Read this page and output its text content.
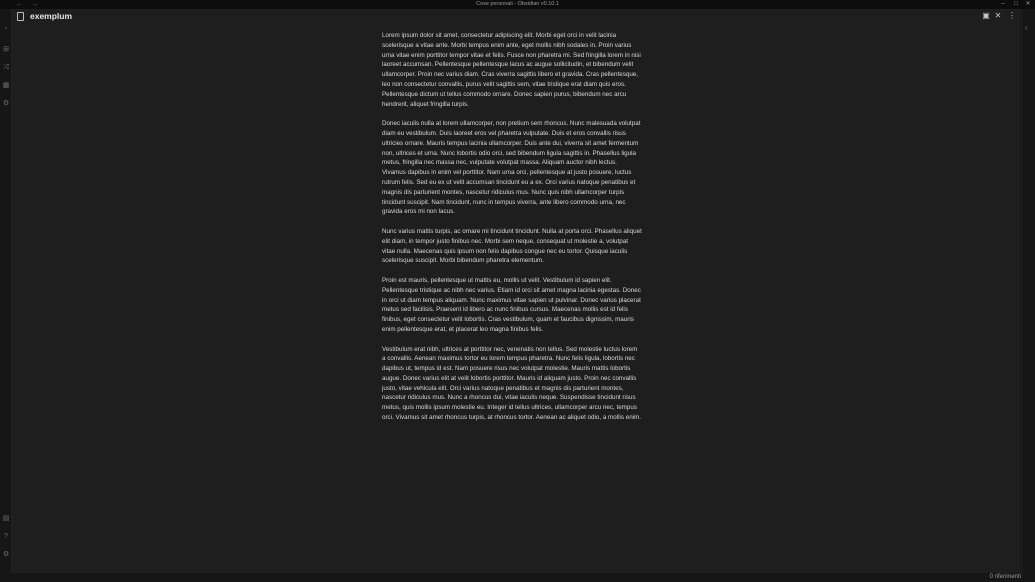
← →	Cose personali - Obsidian v0.10.1	–	□	✕
›
⊞
⤮
▦
⚙
▤
?
⚙
exemplum	▣ ✕ ⋮

Lorem ipsum dolor sit amet, consectetur adipiscing elit. Morbi eget orci in velit lacinia scelerisque a vitae ante. Morbi tempus enim ante, eget mollis nibh sodales in. Proin varius urna vitae enim porttitor tempor vitae et felis. Fusce non pharetra mi. Sed fringilla lorem in nisi laoreet accumsan. Pellentesque pellentesque lacus ac augue sollicitudin, et bibendum velit ullamcorper. Proin nec varius diam. Cras viverra sagittis libero et gravida. Cras pellentesque, leo non consectetur convallis, purus velit sagittis sem, vitae tristique erat diam quis eros. Pellentesque dictum ut tellus commodo ornare. Donec sapien purus, bibendum nec arcu hendrerit, aliquet fringilla turpis.

Donec iaculis nulla at lorem ullamcorper, non pretium sem rhoncus. Nunc malesuada volutpat diam eu vestibulum. Duis laoreet eros vel pharetra vulputate. Duis et eros convallis risus ultricies ornare. Mauris tempus lacinia ullamcorper. Duis ante dui, viverra sit amet fermentum non, ultrices et urna. Nunc lobortis odio orci, sed bibendum ligula sagittis in. Phasellus ligula metus, fringilla nec massa nec, vulputate volutpat massa. Aliquam auctor nibh lectus. Vivamus dapibus in enim vel porttitor. Nam urna orci, pellentesque at justo posuere, luctus rutrum felis. Sed eu ex ut velit accumsan tincidunt eu a ex. Orci varius natoque penatibus et magnis dis parturient montes, nascetur ridiculus mus. Nunc quis nibh ullamcorper turpis tincidunt suscipit. Nam tincidunt, nunc in tempus viverra, ante libero commodo urna, nec gravida eros mi non lacus.

Nunc varius mattis turpis, ac ornare mi tincidunt tincidunt. Nulla at porta orci. Phasellus aliquet elit diam, in tempor justo finibus nec. Morbi sem neque, consequat ut molestie a, volutpat vitae nulla. Maecenas quis ipsum non felis dapibus congue nec eu tortor. Quisque iaculis scelerisque suscipit. Morbi bibendum pharetra elementum.

Proin est mauris, pellentesque ut mattis eu, mollis ut velit. Vestibulum id sapien elit. Pellentesque tristique ac nibh nec varius. Etiam id orci sit amet magna lacinia egestas. Donec in orci ut diam tempus aliquam. Nunc maximus vitae sapien ut pulvinar. Donec varius placerat metus sed facilisis. Praesent id libero ac nunc finibus cursus. Maecenas mollis est id felis finibus, eget consectetur velit lobortis. Cras vestibulum, quam et faucibus dignissim, mauris enim pellentesque erat, et placerat leo magna finibus felis.

Vestibulum erat nibh, ultrices at porttitor nec, venenatis non tellus. Sed molestie luctus lorem a convallis. Aenean maximus tortor eu lorem tempus pharetra. Nunc felis ligula, lobortis nec dapibus ut, tempus id est. Nam posuere risus nec volutpat molestie. Mauris mattis lobortis augue. Donec varius elit at velit lobortis porttitor. Mauris id aliquam justo. Proin nec convallis justo, vitae vehicula elit. Orci varius natoque penatibus et magnis dis parturient montes, nascetur ridiculus mus. Nunc a rhoncus dui, vitae iaculis neque. Suspendisse tincidunt risus metus, quis mollis ipsum molestie eu. Integer id tellus ultrices, ullamcorper arcu nec, tempus orci. Vivamus sit amet rhoncus turpis, at rhoncus tortor. Aenean ac aliquet odio, a mollis enim.

‹
0 riferimenti
